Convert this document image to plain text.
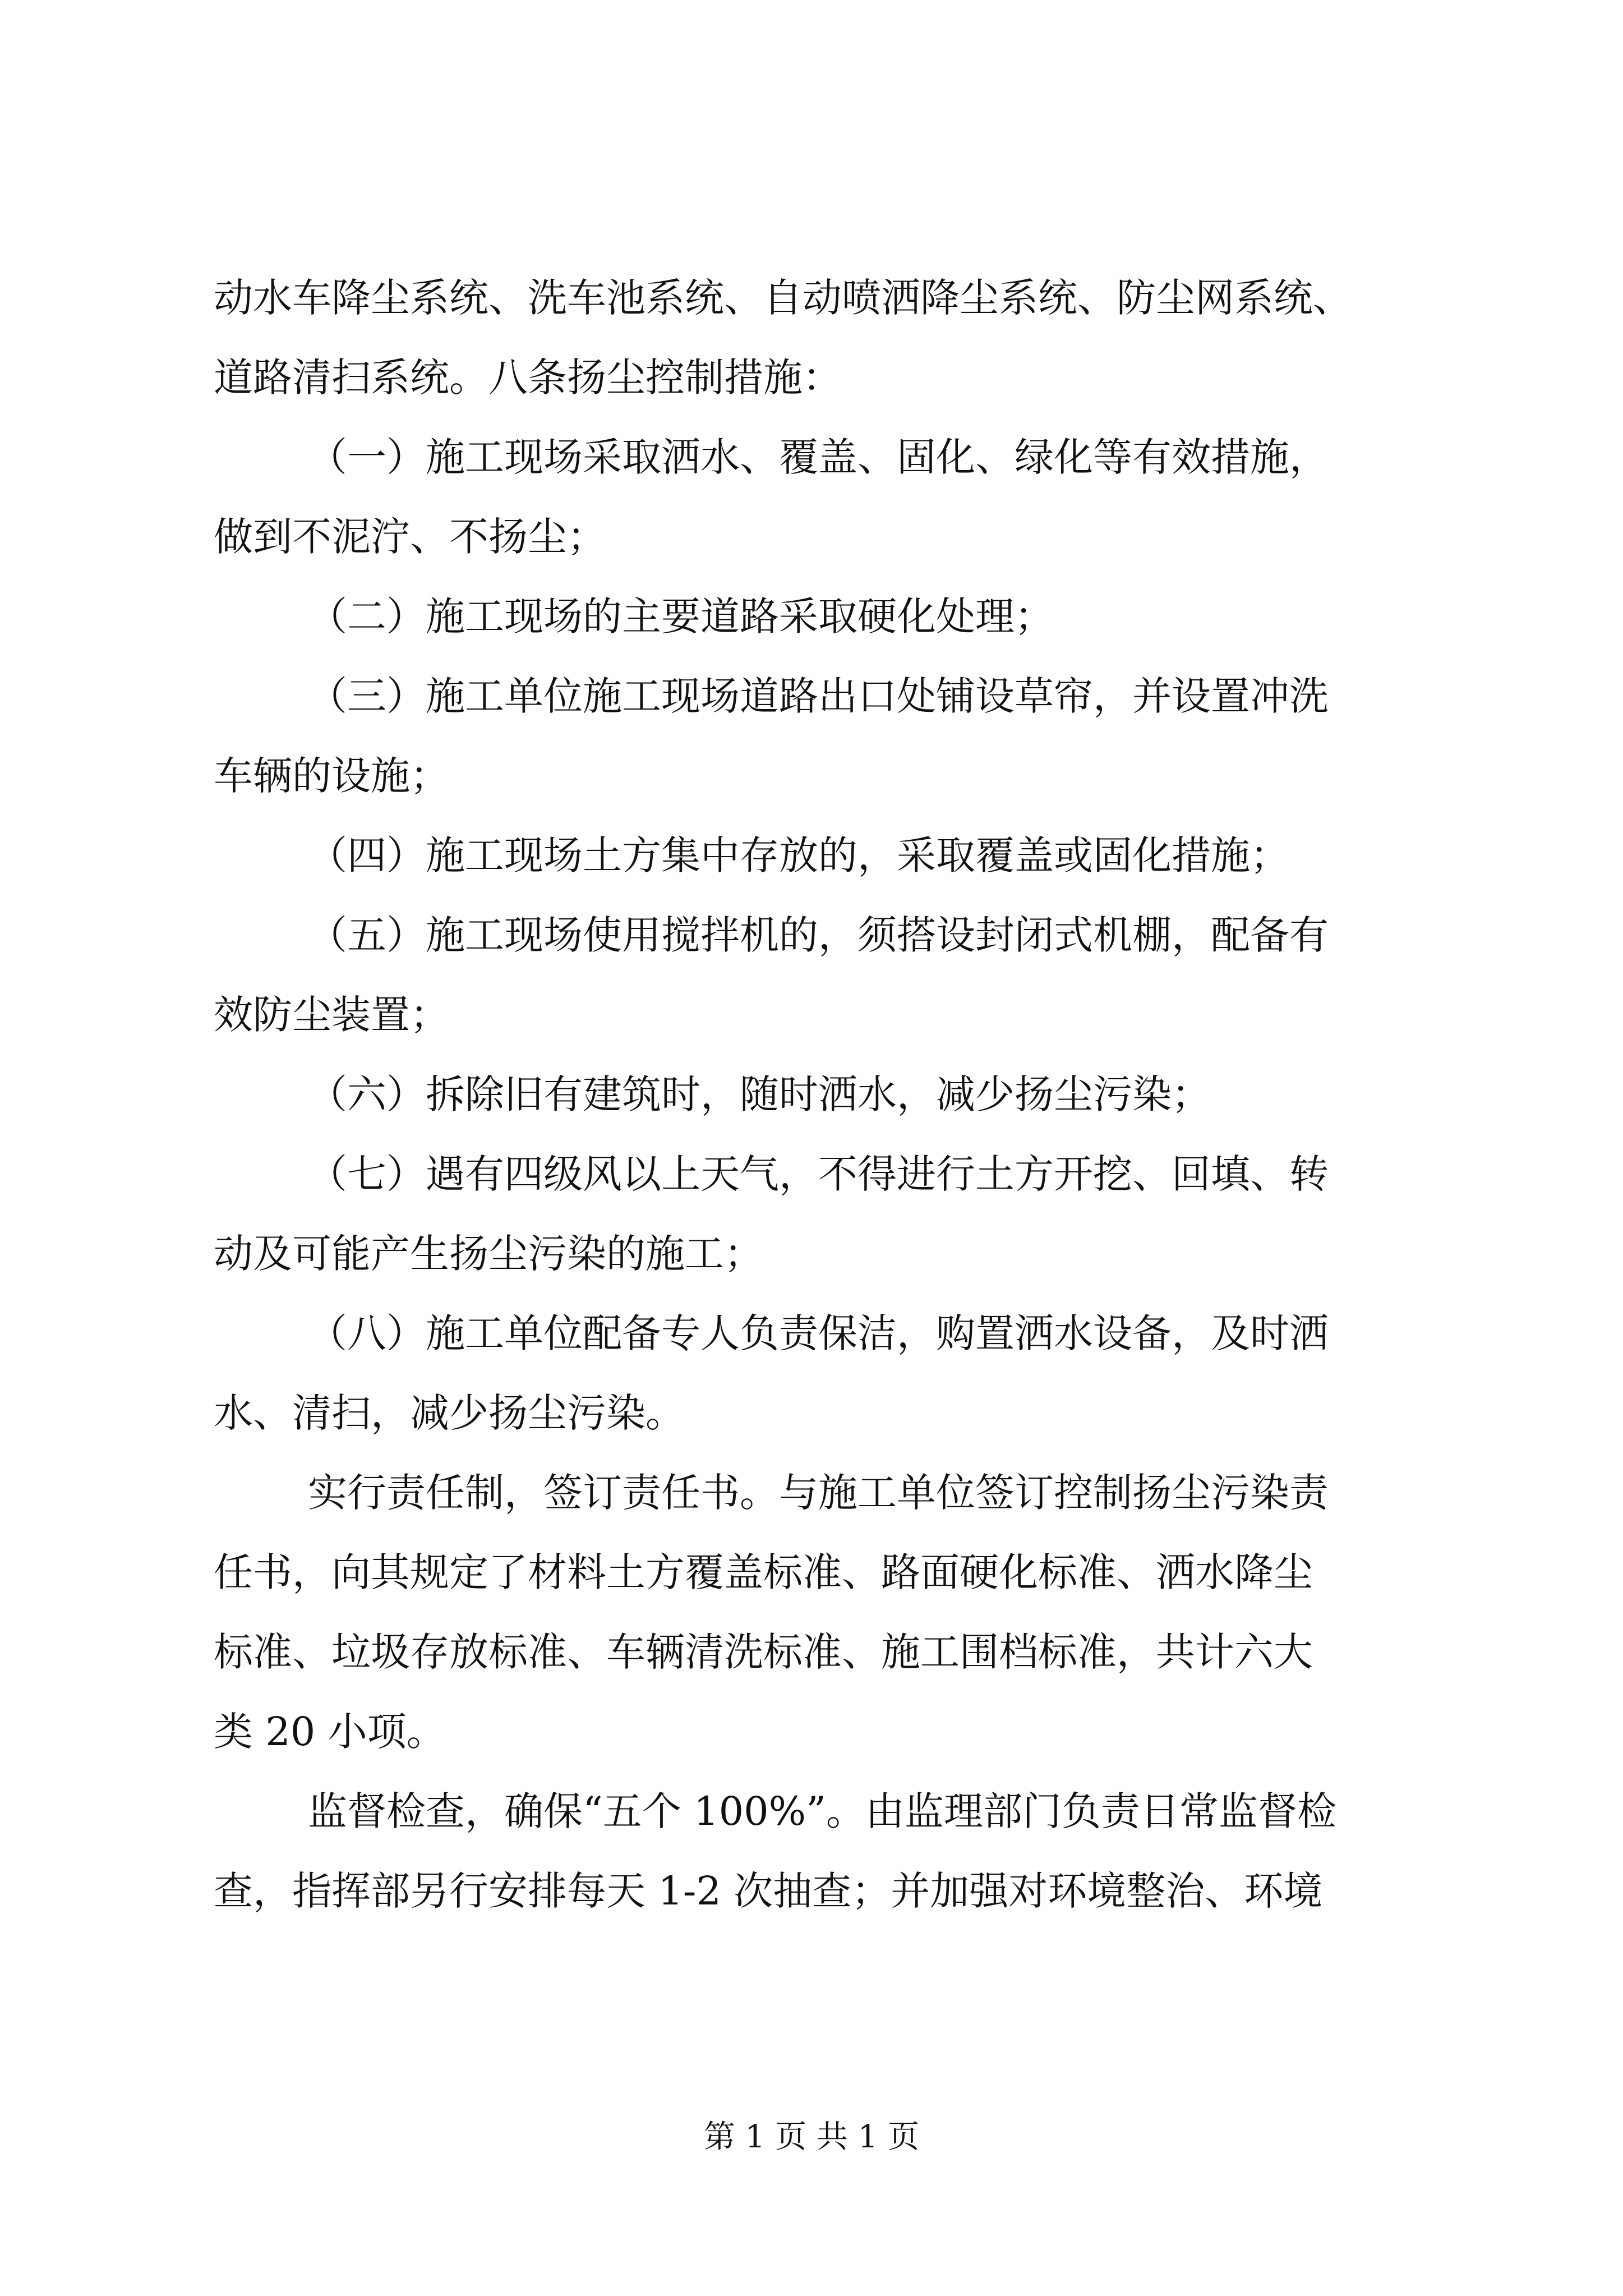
动水车降尘系统、洗车池系统、自动喷洒降尘系统、防尘网系统、
道路清扫系统。八条扬尘控制措施：
（一）施工现场采取洒水、覆盖、固化、绿化等有效措施，
做到不泥泞、不扬尘；
（二）施工现场的主要道路采取硬化处理；
（三）施工单位施工现场道路出口处铺设草帘，并设置冲洗
车辆的设施；
（四）施工现场土方集中存放的，采取覆盖或固化措施；
（五）施工现场使用搅拌机的，须搭设封闭式机棚，配备有
效防尘装置；
（六）拆除旧有建筑时，随时洒水，减少扬尘污染；
（七）遇有四级风以上天气，不得进行土方开挖、回填、转
动及可能产生扬尘污染的施工；
（八）施工单位配备专人负责保洁，购置洒水设备，及时洒
水、清扫，减少扬尘污染。
实行责任制，签订责任书。与施工单位签订控制扬尘污染责
任书，向其规定了材料土方覆盖标准、路面硬化标准、洒水降尘
标准、垃圾存放标准、车辆清洗标准、施工围档标准，共计六大
类 20 小项。
监督检查，确保“五个 100%”。由监理部门负责日常监督检
查，指挥部另行安排每天 1-2 次抽查；并加强对环境整治、环境
第 1 页 共 1 页
